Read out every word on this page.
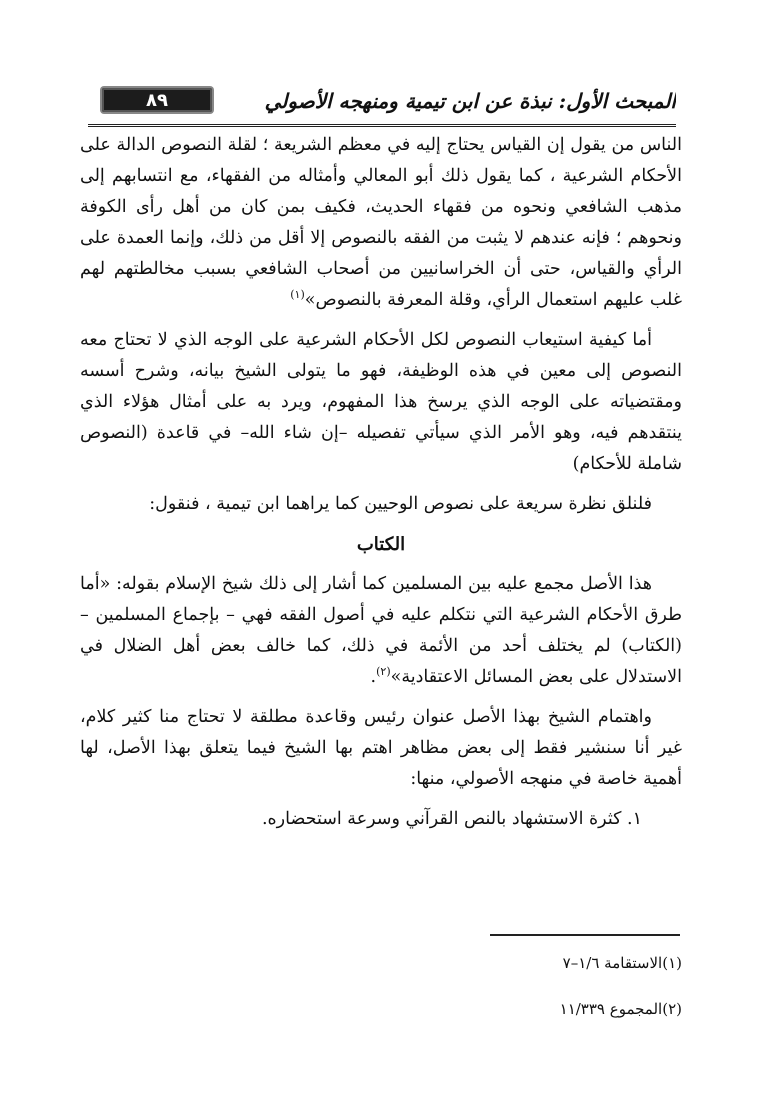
٨٩	المبحث الأول: نبذة عن ابن تيمية ومنهجه الأصولي

الناس من يقول إن القياس يحتاج إليه في معظم الشريعة ؛ لقلة النصوص الدالة على الأحكام الشرعية ، كما يقول ذلك أبو المعالي وأمثاله من الفقهاء، مع انتسابهم إلى مذهب الشافعي ونحوه من فقهاء الحديث، فكيف بمن كان من أهل رأى الكوفة ونحوهم ؛ فإنه عندهم لا يثبت من الفقه بالنصوص إلا أقل من ذلك، وإنما العمدة على الرأي والقياس، حتى أن الخراسانيين من أصحاب الشافعي بسبب مخالطتهم لهم غلب عليهم استعمال الرأي، وقلة المعرفة بالنصوص»$^{(١)}$

أما كيفية استيعاب النصوص لكل الأحكام الشرعية على الوجه الذي لا تحتاج معه النصوص إلى معين في هذه الوظيفة، فهو ما يتولى الشيخ بيانه، وشرح أسسه ومقتضياته على الوجه الذي يرسخ هذا المفهوم، ويرد به على أمثال هؤلاء الذي ينتقدهم فيه، وهو الأمر الذي سيأتي تفصيله –إن شاء الله– في قاعدة (النصوص شاملة للأحكام)

فلنلق نظرة سريعة على نصوص الوحيين كما يراهما ابن تيمية ، فنقول:

الكتاب

هذا الأصل مجمع عليه بين المسلمين كما أشار إلى ذلك شيخ الإسلام بقوله: «أما طرق الأحكام الشرعية التي نتكلم عليه في أصول الفقه فهي – بإجماع المسلمين –(الكتاب) لم يختلف أحد من الأئمة في ذلك، كما خالف بعض أهل الضلال في الاستدلال على بعض المسائل الاعتقادية»$^{(٢)}$.

واهتمام الشيخ بهذا الأصل عنوان رئيس وقاعدة مطلقة لا تحتاج منا كثير كلام، غير أنا سنشير فقط إلى بعض مظاهر اهتم بها الشيخ فيما يتعلق بهذا الأصل، لها أهمية خاصة في منهجه الأصولي، منها:

١. كثرة الاستشهاد بالنص القرآني وسرعة استحضاره.

(١)الاستقامة ١/٦–٧
(٢)المجموع ١١/٣٣٩
